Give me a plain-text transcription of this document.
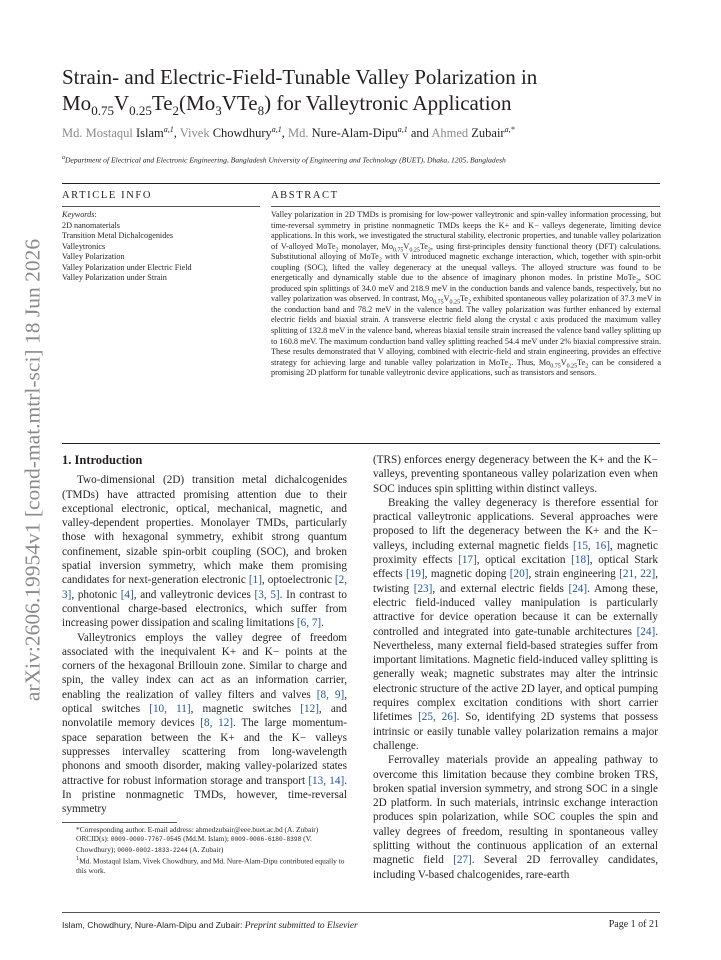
arXiv:2606.19954v1 [cond-mat.mtrl-sci] 18 Jun 2026
Strain- and Electric-Field-Tunable Valley Polarization in
$Mo_{0.75}V_{0.25}Te_2(Mo_3VTe_8)$ for Valleytronic Application
Md. Mostaqul Islam$^{a,1}$, Vivek Chowdhury$^{a,1}$, Md. Nure-Alam-Dipu$^{a,1}$ and Ahmed Zubair$^{a,*}$
$^a$Department of Electrical and Electronic Engineering, Bangladesh University of Engineering and Technology (BUET), Dhaka, 1205, Bangladesh
ARTICLE INFO	ABSTRACT
Keywords:
2D nanomaterials
Transition Metal Dichalcogenides
Valleytronics
Valley Polarization
Valley Polarization under Electric Field
Valley Polarization under Strain
Valley polarization in 2D TMDs is promising for low-power valleytronic and spin-valley information processing, but time-reversal symmetry in pristine nonmagnetic TMDs keeps the K+ and K− valleys degenerate, limiting device applications. In this work, we investigated the structural stability, electronic properties, and tunable valley polarization of V-alloyed MoTe$_2$ monolayer, $Mo_{0.75}V_{0.25}Te_2$, using first-principles density functional theory (DFT) calculations. Substitutional alloying of MoTe$_2$ with V introduced magnetic exchange interaction, which, together with spin-orbit coupling (SOC), lifted the valley degeneracy at the unequal valleys. The alloyed structure was found to be energetically and dynamically stable due to the absence of imaginary phonon modes. In pristine MoTe$_2$, SOC produced spin splittings of 34.0 meV and 218.9 meV in the conduction bands and valence bands, respectively, but no valley polarization was observed. In contrast, $Mo_{0.75}V_{0.25}Te_2$ exhibited spontaneous valley polarization of 37.3 meV in the conduction band and 78.2 meV in the valence band. The valley polarization was further enhanced by external electric fields and biaxial strain. A transverse electric field along the crystal c axis produced the maximum valley splitting of 132.8 meV in the valence band, whereas biaxial tensile strain increased the valence band valley splitting up to 160.8 meV. The maximum conduction band valley splitting reached 54.4 meV under 2% biaxial compressive strain. These results demonstrated that V alloying, combined with electric-field and strain engineering, provides an effective strategy for achieving large and tunable valley polarization in MoTe$_2$. Thus, $Mo_{0.75}V_{0.25}Te_2$ can be considered a promising 2D platform for tunable valleytronic device applications, such as transistors and sensors.
1. Introduction

Two-dimensional (2D) transition metal dichalcogenides (TMDs) have attracted promising attention due to their exceptional electronic, optical, mechanical, magnetic, and valley-dependent properties. Monolayer TMDs, particularly those with hexagonal symmetry, exhibit strong quantum confinement, sizable spin-orbit coupling (SOC), and broken spatial inversion symmetry, which make them promising candidates for next-generation electronic [1], optoelectronic [2, 3], photonic [4], and valleytronic devices [3, 5]. In contrast to conventional charge-based electronics, which suffer from increasing power dissipation and scaling limitations [6, 7].

Valleytronics employs the valley degree of freedom associated with the inequivalent K+ and K− points at the corners of the hexagonal Brillouin zone. Similar to charge and spin, the valley index can act as an information carrier, enabling the realization of valley filters and valves [8, 9], optical switches [10, 11], magnetic switches [12], and nonvolatile memory devices [8, 12]. The large momentum-space separation between the K+ and the K− valleys suppresses intervalley scattering from long-wavelength phonons and smooth disorder, making valley-polarized states attractive for robust information storage and transport [13, 14]. In pristine nonmagnetic TMDs, however, time-reversal symmetry

(TRS) enforces energy degeneracy between the K+ and the K− valleys, preventing spontaneous valley polarization even when SOC induces spin splitting within distinct valleys.

Breaking the valley degeneracy is therefore essential for practical valleytronic applications. Several approaches were proposed to lift the degeneracy between the K+ and the K− valleys, including external magnetic fields [15, 16], magnetic proximity effects [17], optical excitation [18], optical Stark effects [19], magnetic doping [20], strain engineering [21, 22], twisting [23], and external electric fields [24]. Among these, electric field-induced valley manipulation is particularly attractive for device operation because it can be externally controlled and integrated into gate-tunable architectures [24]. Nevertheless, many external field-based strategies suffer from important limitations. Magnetic field-induced valley splitting is generally weak; magnetic substrates may alter the intrinsic electronic structure of the active 2D layer, and optical pumping requires complex excitation conditions with short carrier lifetimes [25, 26]. So, identifying 2D systems that possess intrinsic or easily tunable valley polarization remains a major challenge.

Ferrovalley materials provide an appealing pathway to overcome this limitation because they combine broken TRS, broken spatial inversion symmetry, and strong SOC in a single 2D platform. In such materials, intrinsic exchange interaction produces spin polarization, while SOC couples the spin and valley degrees of freedom, resulting in spontaneous valley splitting without the continuous application of an external magnetic field [27]. Several 2D ferrovalley candidates, including V-based chalcogenides, rare-earth

*Corresponding author. E-mail address: ahmedzubair@eee.buet.ac.bd (A. Zubair)

ORCID(s): 0009-0000-7767-0545 (Md.M. Islam); 0009-0006-6180-8398 (V. Chowdhury); 0000-0002-1833-2244 (A. Zubair)

$^1$Md. Mostaqul Islam, Vivek Chowdhury, and Md. Nure-Alam-Dipu contributed equally to this work.

Islam, Chowdhury, Nure-Alam-Dipu and Zubair: Preprint submitted to Elsevier	Page 1 of 21
